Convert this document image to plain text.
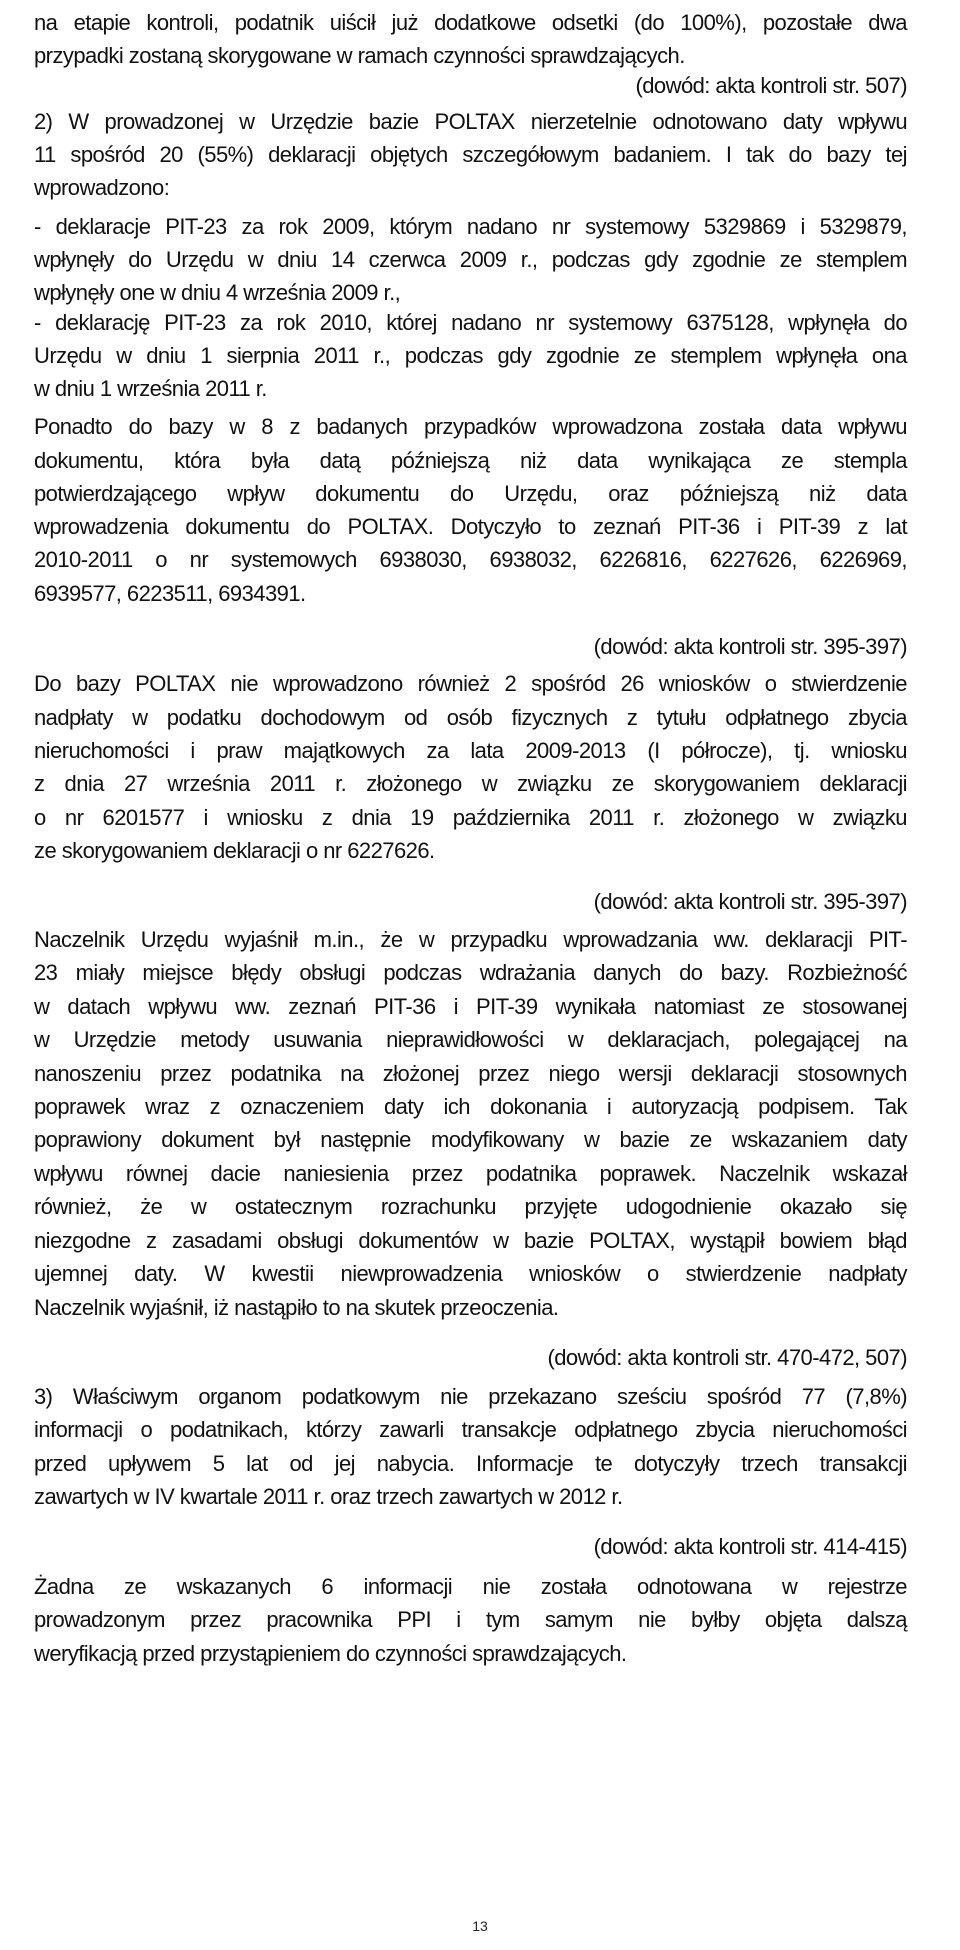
na etapie kontroli, podatnik uiścił już dodatkowe odsetki (do 100%), pozostałe dwa
przypadki zostaną skorygowane w ramach czynności sprawdzających.
(dowód: akta kontroli str. 507)
2) W prowadzonej w Urzędzie bazie POLTAX nierzetelnie odnotowano daty wpływu
11 spośród 20 (55%) deklaracji objętych szczegółowym badaniem. I tak do bazy tej
wprowadzono:
- deklaracje PIT-23 za rok 2009, którym nadano nr systemowy 5329869 i 5329879,
wpłynęły do Urzędu w dniu 14 czerwca 2009 r., podczas gdy zgodnie ze stemplem
wpłynęły one w dniu 4 września 2009 r.,
- deklarację PIT-23 za rok 2010, której nadano nr systemowy 6375128, wpłynęła do
Urzędu w dniu 1 sierpnia 2011 r., podczas gdy zgodnie ze stemplem wpłynęła ona
w dniu 1 września 2011 r.
Ponadto do bazy w 8 z badanych przypadków wprowadzona została data wpływu
dokumentu, która była datą późniejszą niż data wynikająca ze stempla
potwierdzającego wpływ dokumentu do Urzędu, oraz późniejszą niż data
wprowadzenia dokumentu do POLTAX. Dotyczyło to zeznań PIT-36 i PIT-39 z lat
2010-2011 o nr systemowych 6938030, 6938032, 6226816, 6227626, 6226969,
6939577, 6223511, 6934391.
(dowód: akta kontroli str. 395-397)
Do bazy POLTAX nie wprowadzono również 2 spośród 26 wniosków o stwierdzenie
nadpłaty w podatku dochodowym od osób fizycznych z tytułu odpłatnego zbycia
nieruchomości i praw majątkowych za lata 2009-2013 (I półrocze), tj. wniosku
z dnia 27 września 2011 r. złożonego w związku ze skorygowaniem deklaracji
o nr 6201577 i wniosku z dnia 19 października 2011 r. złożonego w związku
ze skorygowaniem deklaracji o nr 6227626.
(dowód: akta kontroli str. 395-397)
Naczelnik Urzędu wyjaśnił m.in., że w przypadku wprowadzania ww. deklaracji PIT-
23 miały miejsce błędy obsługi podczas wdrażania danych do bazy. Rozbieżność
w datach wpływu ww. zeznań PIT-36 i PIT-39 wynikała natomiast ze stosowanej
w Urzędzie metody usuwania nieprawidłowości w deklaracjach, polegającej na
nanoszeniu przez podatnika na złożonej przez niego wersji deklaracji stosownych
poprawek wraz z oznaczeniem daty ich dokonania i autoryzacją podpisem. Tak
poprawiony dokument był następnie modyfikowany w bazie ze wskazaniem daty
wpływu równej dacie naniesienia przez podatnika poprawek. Naczelnik wskazał
również, że w ostatecznym rozrachunku przyjęte udogodnienie okazało się
niezgodne z zasadami obsługi dokumentów w bazie POLTAX, wystąpił bowiem błąd
ujemnej daty. W kwestii niewprowadzenia wniosków o stwierdzenie nadpłaty
Naczelnik wyjaśnił, iż nastąpiło to na skutek przeoczenia.
(dowód: akta kontroli str. 470-472, 507)
3) Właściwym organom podatkowym nie przekazano sześciu spośród 77 (7,8%)
informacji o podatnikach, którzy zawarli transakcje odpłatnego zbycia nieruchomości
przed upływem 5 lat od jej nabycia. Informacje te dotyczyły trzech transakcji
zawartych w IV kwartale 2011 r. oraz trzech zawartych w 2012 r.
(dowód: akta kontroli str. 414-415)
Żadna ze wskazanych 6 informacji nie została odnotowana w rejestrze
prowadzonym przez pracownika PPI i tym samym nie byłby objęta dalszą
weryfikacją przed przystąpieniem do czynności sprawdzających.
13
